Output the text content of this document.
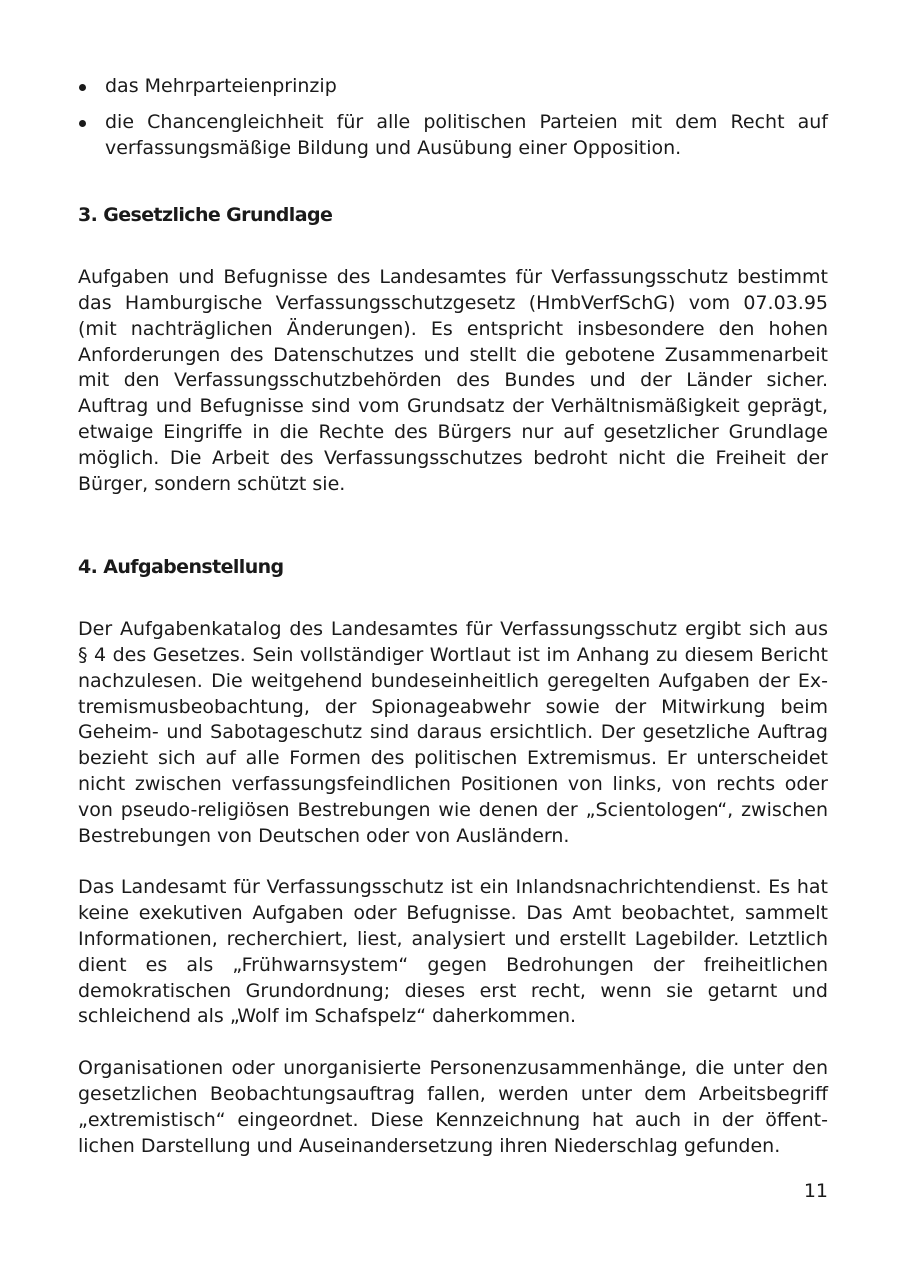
das Mehrparteienprinzip
die Chancengleichheit für alle politischen Parteien mit dem Recht auf verfassungsmäßige Bildung und Ausübung einer Opposition.
3. Gesetzliche Grundlage

Aufgaben und Befugnisse des Landesamtes für Verfassungsschutz bestimmt das Hamburgische Verfassungsschutzgesetz (HmbVerfSchG) vom 07.03.95 (mit nachträglichen Änderungen). Es entspricht insbesondere den hohen Anforderungen des Datenschutzes und stellt die gebotene Zusammenarbeit mit den Verfassungsschutzbehörden des Bundes und der Länder sicher. Auftrag und Befugnisse sind vom Grundsatz der Verhältnismäßigkeit geprägt, etwaige Eingriffe in die Rechte des Bürgers nur auf gesetzlicher Grundlage möglich. Die Arbeit des Verfassungsschutzes bedroht nicht die Freiheit der Bürger, sondern schützt sie.

4. Aufgabenstellung

Der Aufgabenkatalog des Landesamtes für Verfassungsschutz ergibt sich aus § 4 des Gesetzes. Sein vollständiger Wortlaut ist im Anhang zu diesem Bericht nachzulesen. Die weitgehend bundeseinheitlich geregelten Aufgaben der Extremismusbeobachtung, der Spionageabwehr sowie der Mitwirkung beim Geheim- und Sabotageschutz sind daraus ersichtlich. Der gesetzliche Auftrag bezieht sich auf alle Formen des politischen Extremismus. Er unterscheidet nicht zwischen verfassungsfeindlichen Positionen von links, von rechts oder von pseudo-religiösen Bestrebungen wie denen der „Scientologen“, zwischen Bestrebungen von Deutschen oder von Ausländern.

Das Landesamt für Verfassungsschutz ist ein Inlandsnachrichtendienst. Es hat keine exekutiven Aufgaben oder Befugnisse. Das Amt beobachtet, sammelt Informationen, recherchiert, liest, analysiert und erstellt Lagebilder. Letztlich dient es als „Frühwarnsystem“ gegen Bedrohungen der freiheitlichen demokratischen Grundordnung; dieses erst recht, wenn sie getarnt und schleichend als „Wolf im Schafspelz“ daherkommen.

Organisationen oder unorganisierte Personenzusammenhänge, die unter den gesetzlichen Beobachtungsauftrag fallen, werden unter dem Arbeitsbegriff „extremistisch“ eingeordnet. Diese Kennzeichnung hat auch in der öffentlichen Darstellung und Auseinandersetzung ihren Niederschlag gefunden.

11
